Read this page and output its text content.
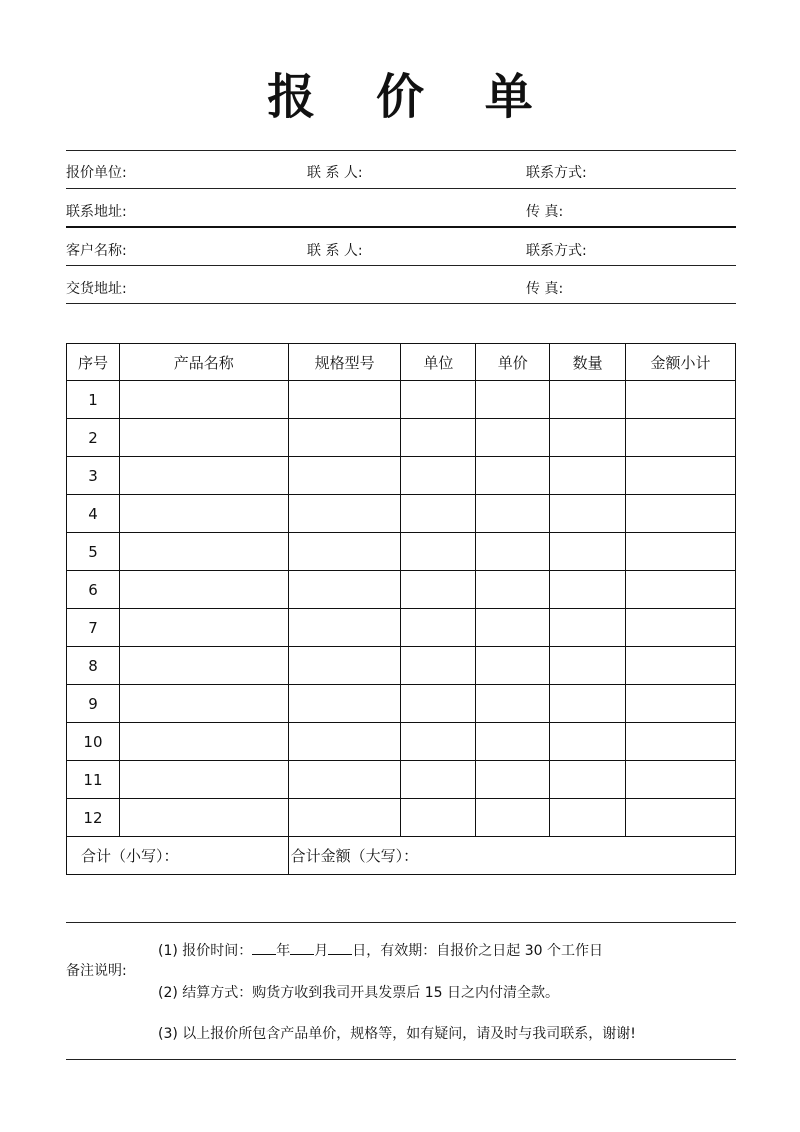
报 价 单
报价单位:	联 系 人:	联系方式:
联系地址:	传 真:
客户名称:	联 系 人:	联系方式:
交货地址:	传 真:
序号	产品名称	规格型号	单位	单价	数量	金额小计
1						
2						
3						
4						
5						
6						
7						
8						
9						
10						
11						
12						
合计（小写）：		合计金额（大写）：				
备注说明:
(1) 报价时间： 年 月 日，有效期：自报价之日起 30 个工作日
(2) 结算方式：购货方收到我司开具发票后 15 日之内付清全款。
(3) 以上报价所包含产品单价，规格等，如有疑问，请及时与我司联系，谢谢!
